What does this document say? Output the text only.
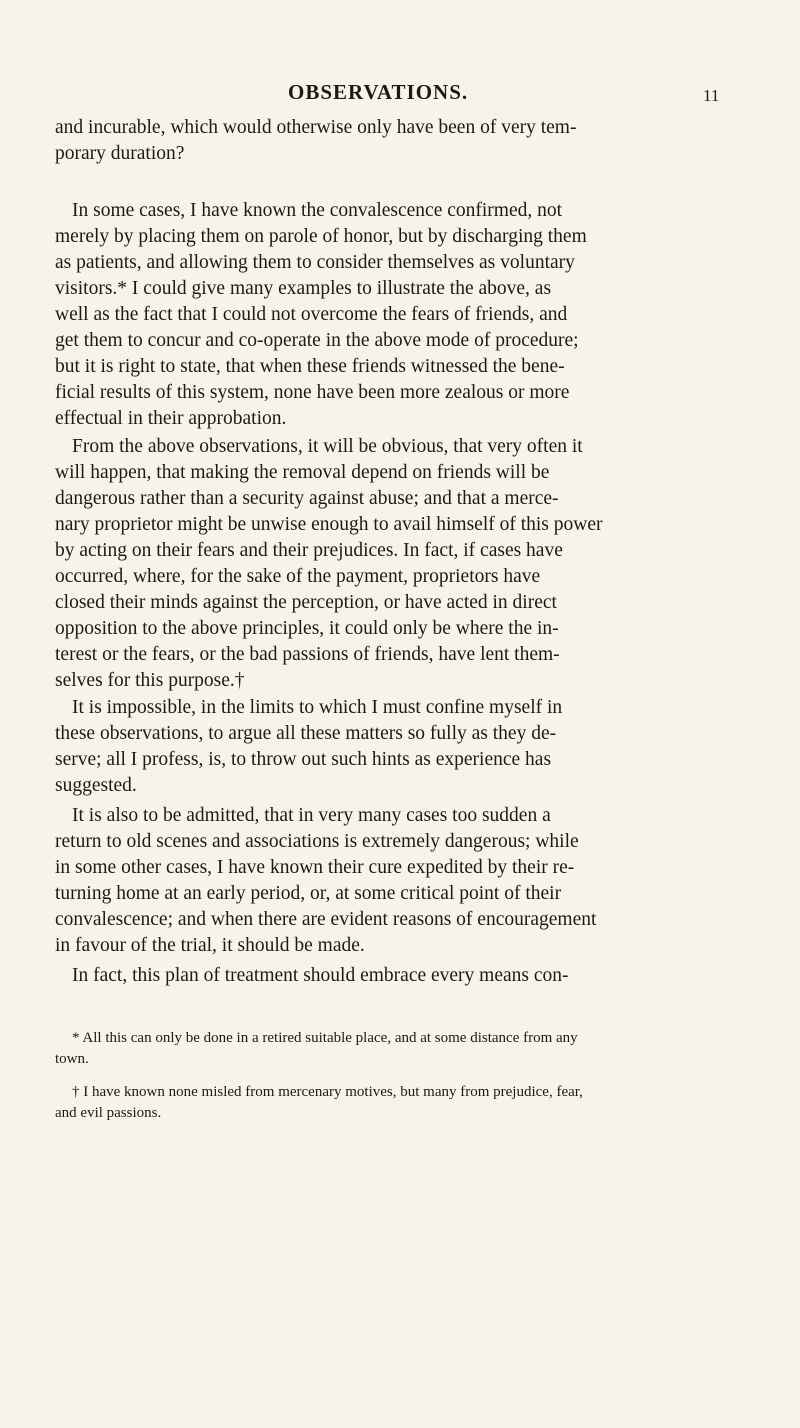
OBSERVATIONS.	11
and incurable, which would otherwise only have been of very tem-
porary duration?
In some cases, I have known the convalescence confirmed, not
merely by placing them on parole of honor, but by discharging them
as patients, and allowing them to consider themselves as voluntary
visitors.* I could give many examples to illustrate the above, as
well as the fact that I could not overcome the fears of friends, and
get them to concur and co-operate in the above mode of procedure;
but it is right to state, that when these friends witnessed the bene-
ficial results of this system, none have been more zealous or more
effectual in their approbation.
From the above observations, it will be obvious, that very often it
will happen, that making the removal depend on friends will be
dangerous rather than a security against abuse; and that a merce-
nary proprietor might be unwise enough to avail himself of this power
by acting on their fears and their prejudices. In fact, if cases have
occurred, where, for the sake of the payment, proprietors have
closed their minds against the perception, or have acted in direct
opposition to the above principles, it could only be where the in-
terest or the fears, or the bad passions of friends, have lent them-
selves for this purpose.†
It is impossible, in the limits to which I must confine myself in
these observations, to argue all these matters so fully as they de-
serve; all I profess, is, to throw out such hints as experience has
suggested.
It is also to be admitted, that in very many cases too sudden a
return to old scenes and associations is extremely dangerous; while
in some other cases, I have known their cure expedited by their re-
turning home at an early period, or, at some critical point of their
convalescence; and when there are evident reasons of encouragement
in favour of the trial, it should be made.
In fact, this plan of treatment should embrace every means con-
* All this can only be done in a retired suitable place, and at some distance from any
town.
† I have known none misled from mercenary motives, but many from prejudice, fear,
and evil passions.
